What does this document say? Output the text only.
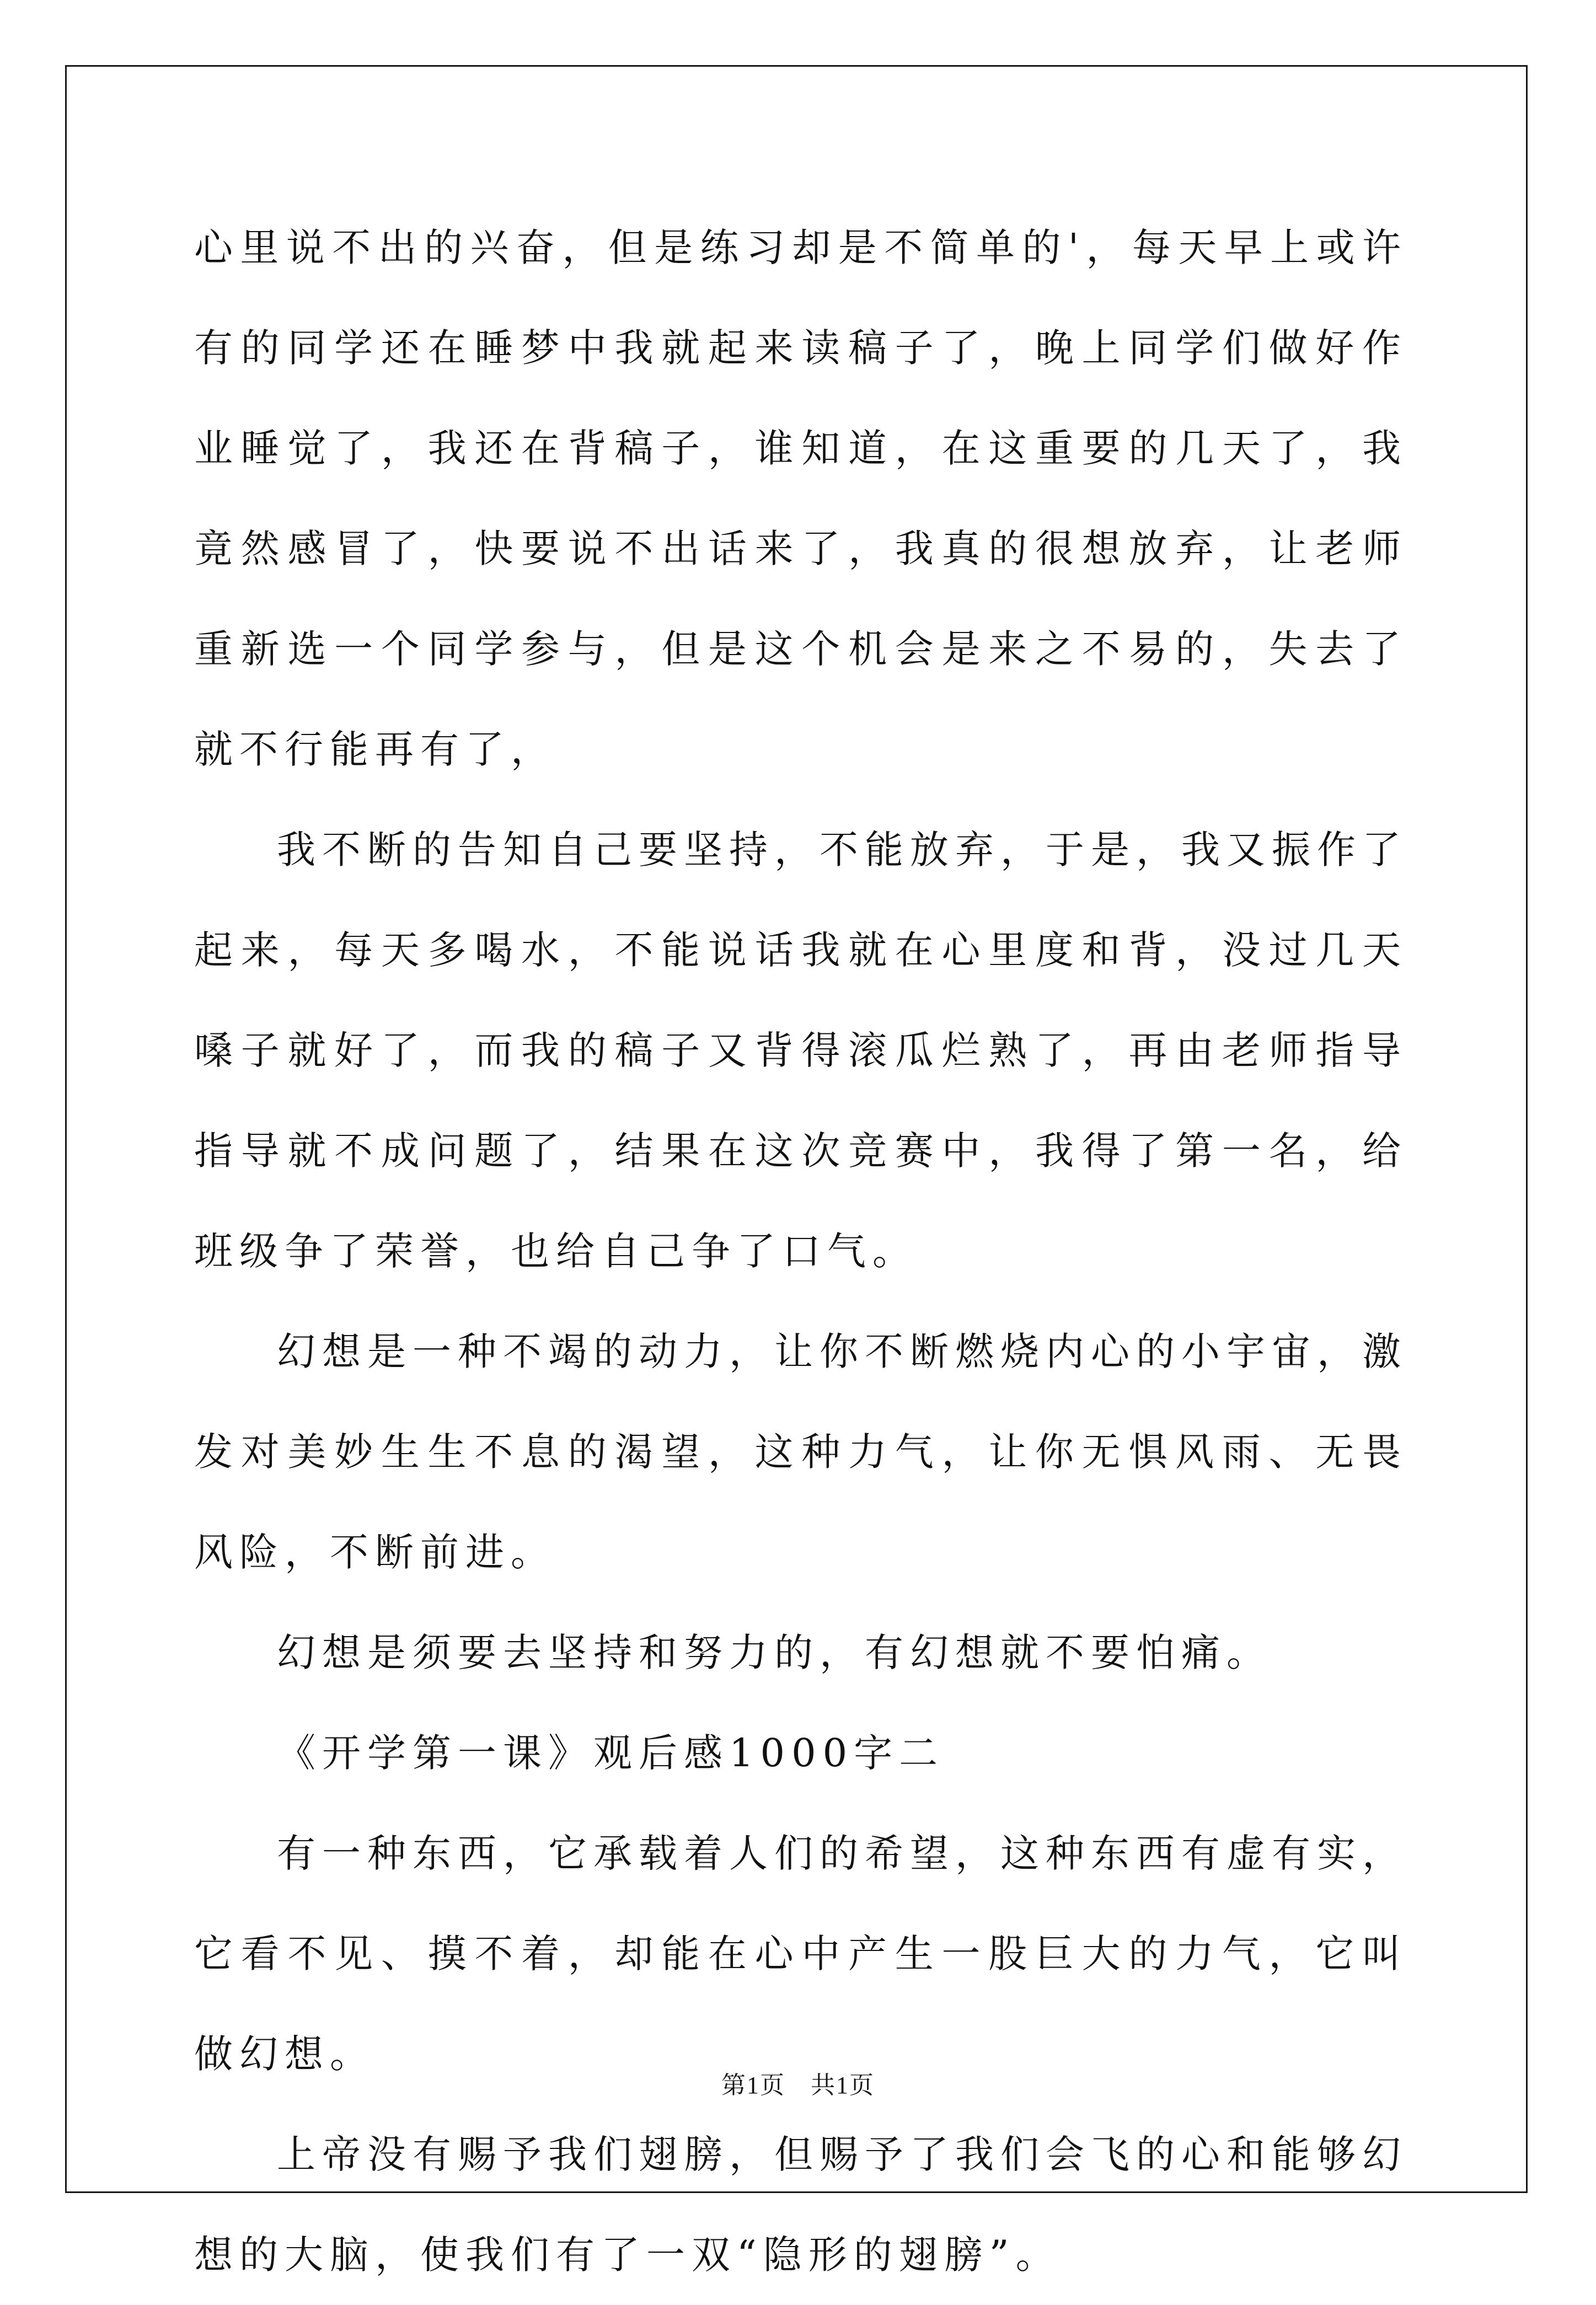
心里说不出的兴奋，但是练习却是不简单的'，每天早上或许有的同学还在睡梦中我就起来读稿子了，晚上同学们做好作业睡觉了，我还在背稿子，谁知道，在这重要的几天了，我竟然感冒了，快要说不出话来了，我真的很想放弃，让老师重新选一个同学参与，但是这个机会是来之不易的，失去了就不行能再有了，

我不断的告知自己要坚持，不能放弃，于是，我又振作了起来，每天多喝水，不能说话我就在心里度和背，没过几天嗓子就好了，而我的稿子又背得滚瓜烂熟了，再由老师指导指导就不成问题了，结果在这次竞赛中，我得了第一名，给班级争了荣誉，也给自己争了口气。

幻想是一种不竭的动力，让你不断燃烧内心的小宇宙，激发对美妙生生不息的渴望，这种力气，让你无惧风雨、无畏风险，不断前进。

幻想是须要去坚持和努力的，有幻想就不要怕痛。

《开学第一课》观后感1000字二

有一种东西，它承载着人们的希望，这种东西有虚有实，它看不见、摸不着，却能在心中产生一股巨大的力气，它叫做幻想。

上帝没有赐予我们翅膀，但赐予了我们会飞的心和能够幻想的大脑，使我们有了一双“隐形的翅膀”。

第1页 共1页
